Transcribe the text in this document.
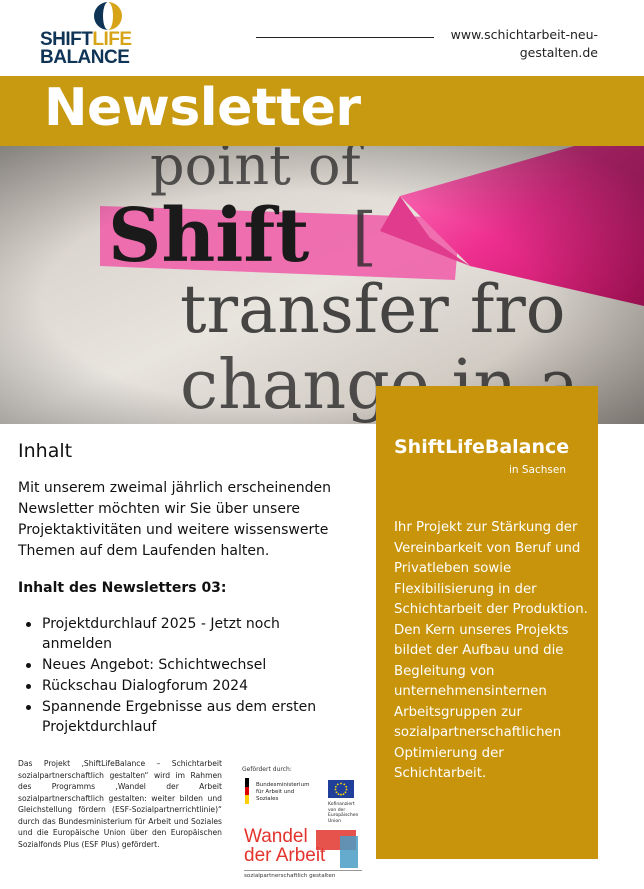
SHIFTLIFE
BALANCE
www.schichtarbeit-neu-
gestalten.de
Newsletter
ShiftLifeBalance
in Sachsen

Ihr Projekt zur Stärkung der Vereinbarkeit von Beruf und Privatleben sowie Flexibilisierung in der Schichtarbeit der Produktion.

Den Kern unseres Projekts bildet der Aufbau und die Begleitung von unternehmensinternen Arbeitsgruppen zur sozialpartnerschaftlichen Optimierung der Schichtarbeit.

Inhalt

Mit unserem zweimal jährlich erscheinenden Newsletter möchten wir Sie über unsere Projektaktivitäten und weitere wissenswerte Themen auf dem Laufenden halten.

Inhalt des Newsletters 03:

Projektdurchlauf 2025 - Jetzt noch anmelden
Neues Angebot: Schichtwechsel
Rückschau Dialogforum 2024
Spannende Ergebnisse aus dem ersten Projektdurchlauf

Das Projekt ‚ShiftLifeBalance – Schichtarbeit sozialpartnerschaftlich gestalten“ wird im Rahmen des Programms ‚Wandel der Arbeit sozialpartnerschaftlich gestalten: weiter bilden und Gleichstellung fördern (ESF-Sozialpartnerrichtlinie)“ durch das Bundesministerium für Arbeit und Soziales und die Europäische Union über den Europäischen Sozialfonds Plus (ESF Plus) gefördert.

Gefördert durch:
Bundesministerium für Arbeit und Soziales
Kofinanziert von der Europäischen Union
Wandel
der Arbeit
sozialpartnerschaftlich gestalten
